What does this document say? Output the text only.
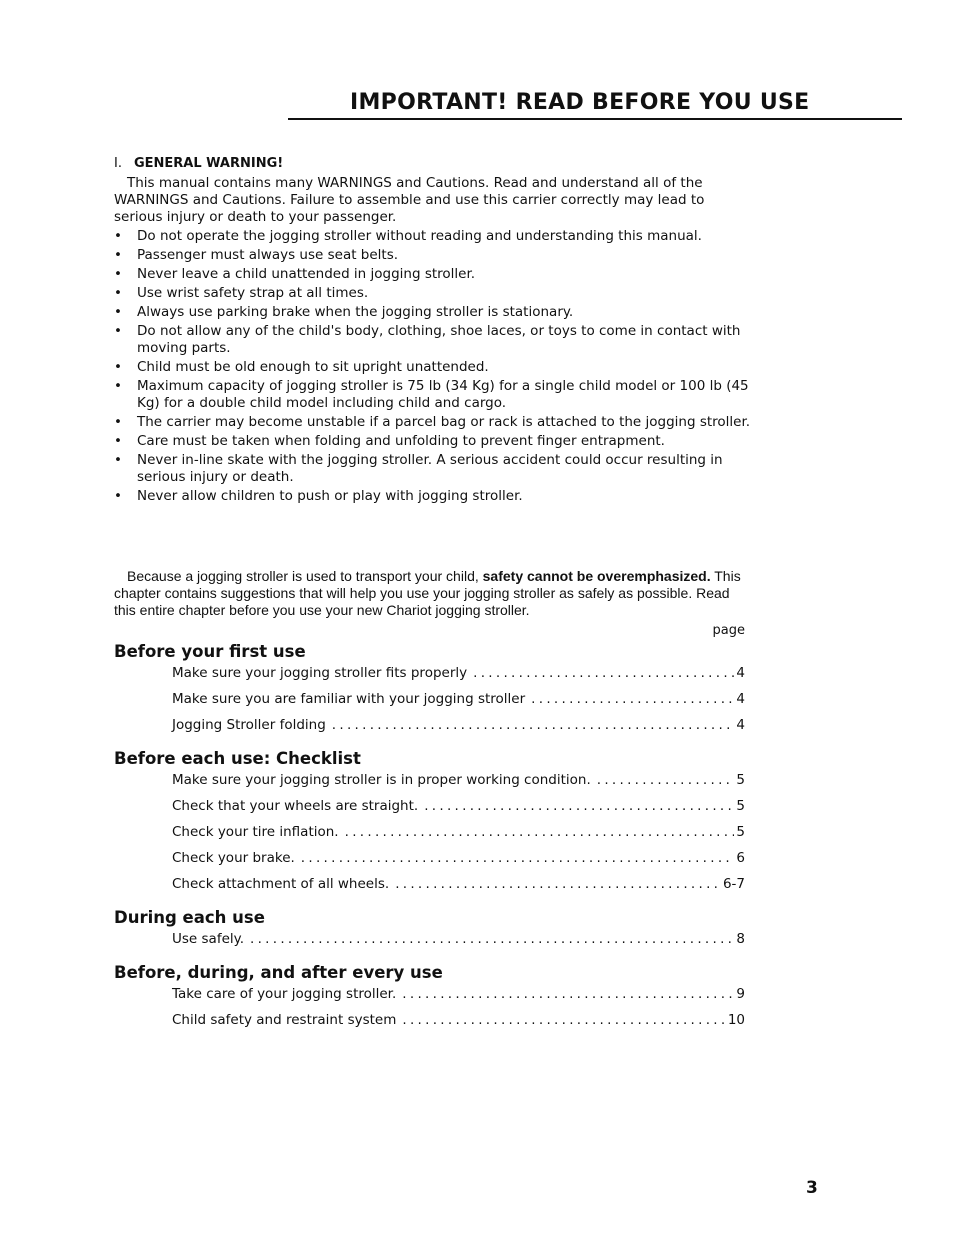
IMPORTANT! READ BEFORE YOU USE

I. GENERAL WARNING!

This manual contains many WARNINGS and Cautions. Read and understand all of the WARNINGS and Cautions. Failure to assemble and use this carrier correctly may lead to serious injury or death to your passenger.

• Do not operate the jogging stroller without reading and understanding this manual.
• Passenger must always use seat belts.
• Never leave a child unattended in jogging stroller.
• Use wrist safety strap at all times.
• Always use parking brake when the jogging stroller is stationary.
• Do not allow any of the child's body, clothing, shoe laces, or toys to come in contact with moving parts.
• Child must be old enough to sit upright unattended.
• Maximum capacity of jogging stroller is 75 lb (34 Kg) for a single child model or 100 lb (45 Kg) for a double child model including child and cargo.
• The carrier may become unstable if a parcel bag or rack is attached to the jogging stroller.
• Care must be taken when folding and unfolding to prevent finger entrapment.
• Never in-line skate with the jogging stroller. A serious accident could occur resulting in serious injury or death.
• Never allow children to push or play with jogging stroller.

Because a jogging stroller is used to transport your child, safety cannot be overemphasized. This chapter contains suggestions that will help you use your jogging stroller as safely as possible. Read this entire chapter before you use your new Chariot jogging stroller.

page

Before your first use
Make sure your jogging stroller fits properly . . .	4
Make sure you are familiar with your jogging stroller . . .	4
Jogging Stroller folding . . .	4
Before each use: Checklist
Make sure your jogging stroller is in proper working condition. . . .	5
Check that your wheels are straight. . . .	5
Check your tire inflation. . . .	5
Check your brake. . . .	6
Check attachment of all wheels. . . .	6-7
During each use
Use safely. . . .	8
Before, during, and after every use
Take care of your jogging stroller. . . .	9
Child safety and restraint system . . .	10
3
